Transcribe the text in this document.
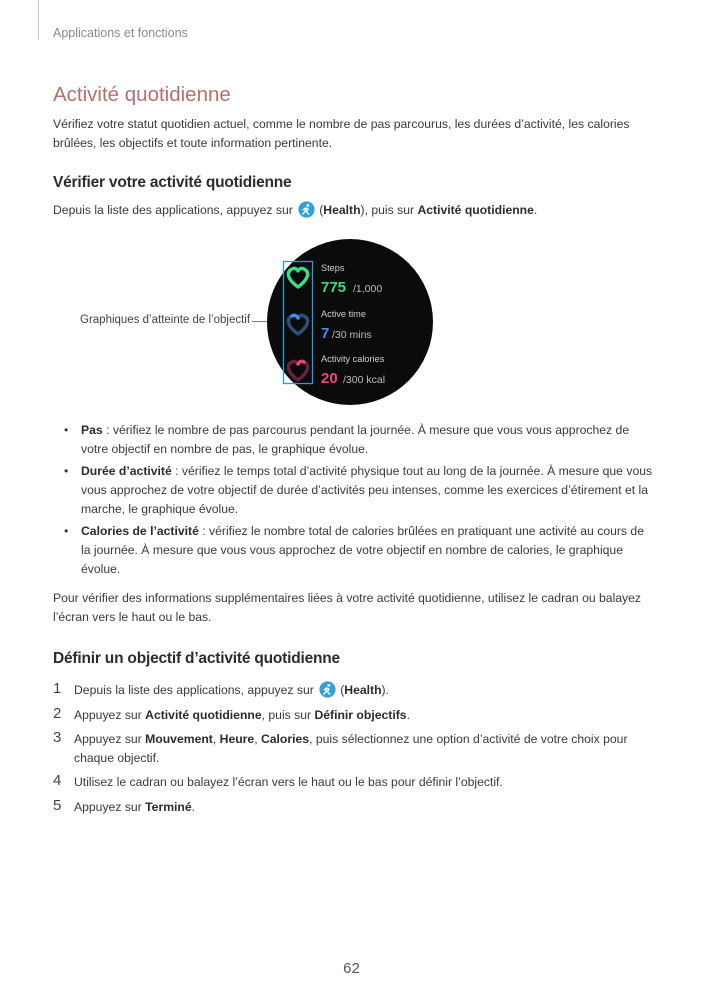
Applications et fonctions
Activité quotidienne
Vérifiez votre statut quotidien actuel, comme le nombre de pas parcourus, les durées d’activité, les calories brûlées, les objectifs et toute information pertinente.
Vérifier votre activité quotidienne
Depuis la liste des applications, appuyez sur (Health), puis sur Activité quotidienne.
Graphiques d’atteinte de l’objectif
Steps
775 /1,000
Active time
7 /30 mins
Activity calories
20 /300 kcal
• Pas : vérifiez le nombre de pas parcourus pendant la journée. À mesure que vous vous approchez de votre objectif en nombre de pas, le graphique évolue.
• Durée d’activité : vérifiez le temps total d’activité physique tout au long de la journée. À mesure que vous vous approchez de votre objectif de durée d’activités peu intenses, comme les exercices d’étirement et la marche, le graphique évolue.
• Calories de l’activité : vérifiez le nombre total de calories brûlées en pratiquant une activité au cours de la journée. À mesure que vous vous approchez de votre objectif en nombre de calories, le graphique évolue.
Pour vérifier des informations supplémentaires liées à votre activité quotidienne, utilisez le cadran ou balayez l’écran vers le haut ou le bas.
Définir un objectif d’activité quotidienne
1 Depuis la liste des applications, appuyez sur (Health).
2 Appuyez sur Activité quotidienne, puis sur Définir objectifs.
3 Appuyez sur Mouvement, Heure, Calories, puis sélectionnez une option d’activité de votre choix pour chaque objectif.
4 Utilisez le cadran ou balayez l’écran vers le haut ou le bas pour définir l’objectif.
5 Appuyez sur Terminé.
62
